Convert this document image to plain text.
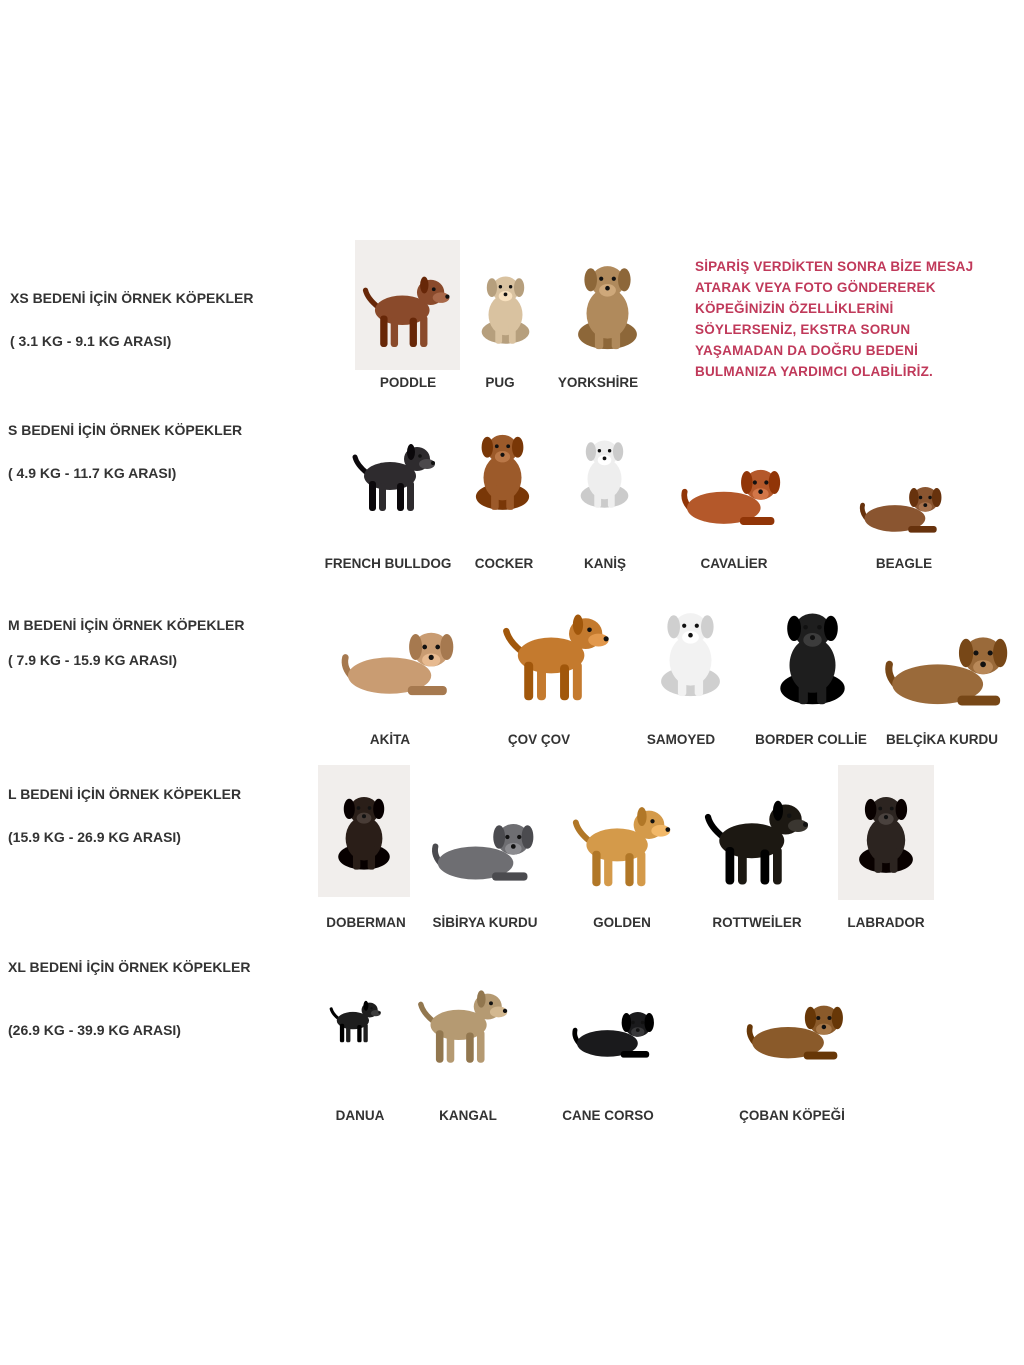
XS BEDENİ İÇİN ÖRNEK KÖPEKLER
( 3.1 KG - 9.1 KG ARASI)
SİPARİŞ VERDİKTEN SONRA BİZE MESAJ
ATARAK VEYA FOTO GÖNDEREREK
KÖPEĞİNİZİN ÖZELLİKLERİNİ
SÖYLERSENİZ, EKSTRA SORUN
YAŞAMADAN DA DOĞRU BEDENİ
BULMANIZA YARDIMCI OLABİLİRİZ.
PODDLE	PUG	YORKSHİRE
S BEDENİ İÇİN ÖRNEK KÖPEKLER
( 4.9 KG - 11.7 KG ARASI)
FRENCH BULLDOG COCKER	KANİŞ	CAVALİER	BEAGLE
M BEDENİ İÇİN ÖRNEK KÖPEKLER
( 7.9 KG - 15.9 KG ARASI)
AKİTA	ÇOV ÇOV	SAMOYED	BORDER COLLİE BELÇİKA KURDU
L BEDENİ İÇİN ÖRNEK KÖPEKLER
(15.9 KG - 26.9 KG ARASI)
DOBERMAN SİBİRYA KURDU	GOLDEN	ROTTWEİLER	LABRADOR
XL BEDENİ İÇİN ÖRNEK KÖPEKLER
(26.9 KG - 39.9 KG ARASI)
DANUA	KANGAL	CANE CORSO	ÇOBAN KÖPEĞİ
